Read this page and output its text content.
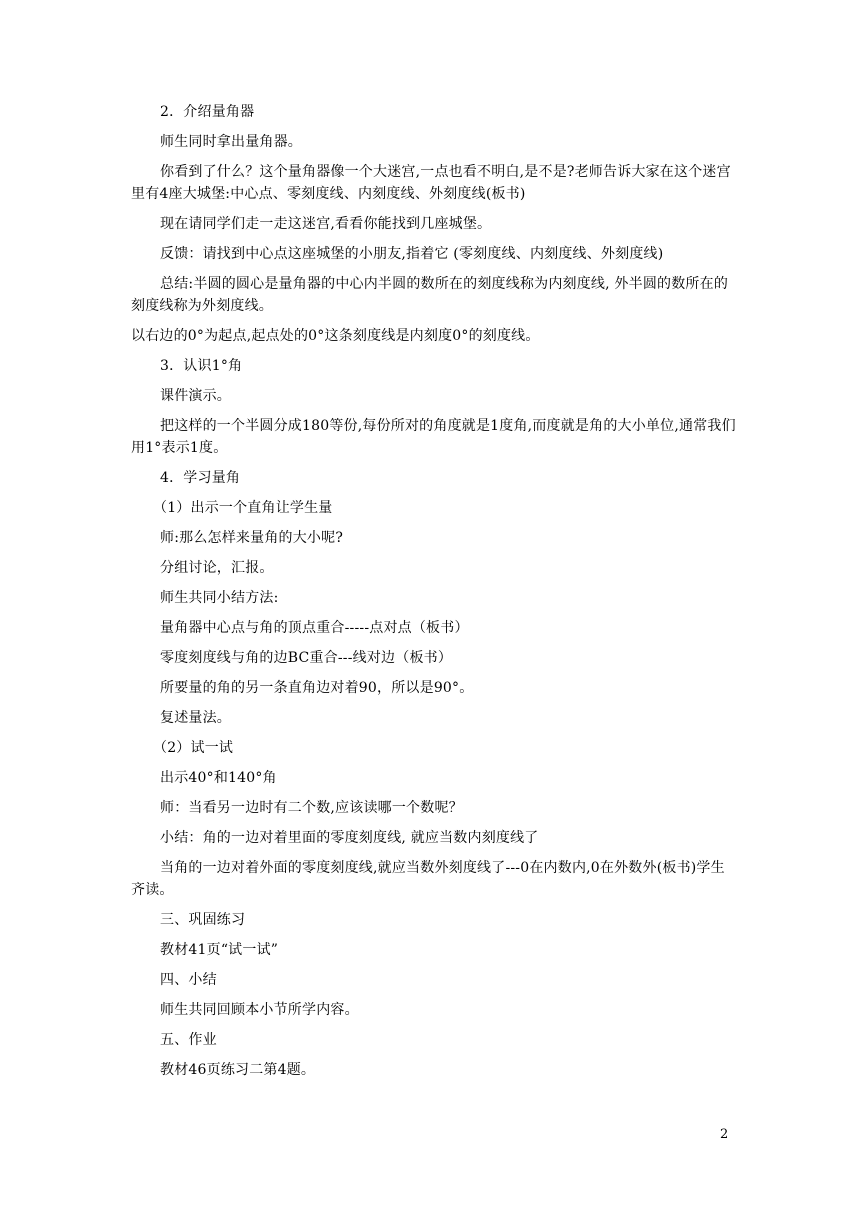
2．介绍量角器

师生同时拿出量角器。

你看到了什么？这个量角器像一个大迷宫,一点也看不明白,是不是?老师告诉大家在这个迷宫里有4座大城堡:中心点、零刻度线、内刻度线、外刻度线(板书)

现在请同学们走一走这迷宫,看看你能找到几座城堡。

反馈：请找到中心点这座城堡的小朋友,指着它 (零刻度线、内刻度线、外刻度线)

总结:半圆的圆心是量角器的中心内半圆的数所在的刻度线称为内刻度线, 外半圆的数所在的刻度线称为外刻度线。

以右边的0°为起点,起点处的0°这条刻度线是内刻度0°的刻度线。

3．认识1°角

课件演示。

把这样的一个半圆分成180等份,每份所对的角度就是1度角,而度就是角的大小单位,通常我们用1°表示1度。

4．学习量角

（1）出示一个直角让学生量

师:那么怎样来量角的大小呢?

分组讨论，汇报。

师生共同小结方法:

量角器中心点与角的顶点重合-----点对点（板书）

零度刻度线与角的边BC重合---线对边（板书）

所要量的角的另一条直角边对着90，所以是90°。

复述量法。

（2）试一试

出示40°和140°角

师：当看另一边时有二个数,应该读哪一个数呢？

小结：角的一边对着里面的零度刻度线, 就应当数内刻度线了

当角的一边对着外面的零度刻度线,就应当数外刻度线了---0在内数内,0在外数外(板书)学生齐读。

三、巩固练习

教材41页“试一试”

四、小结

师生共同回顾本小节所学内容。

五、作业

教材46页练习二第4题。

2
